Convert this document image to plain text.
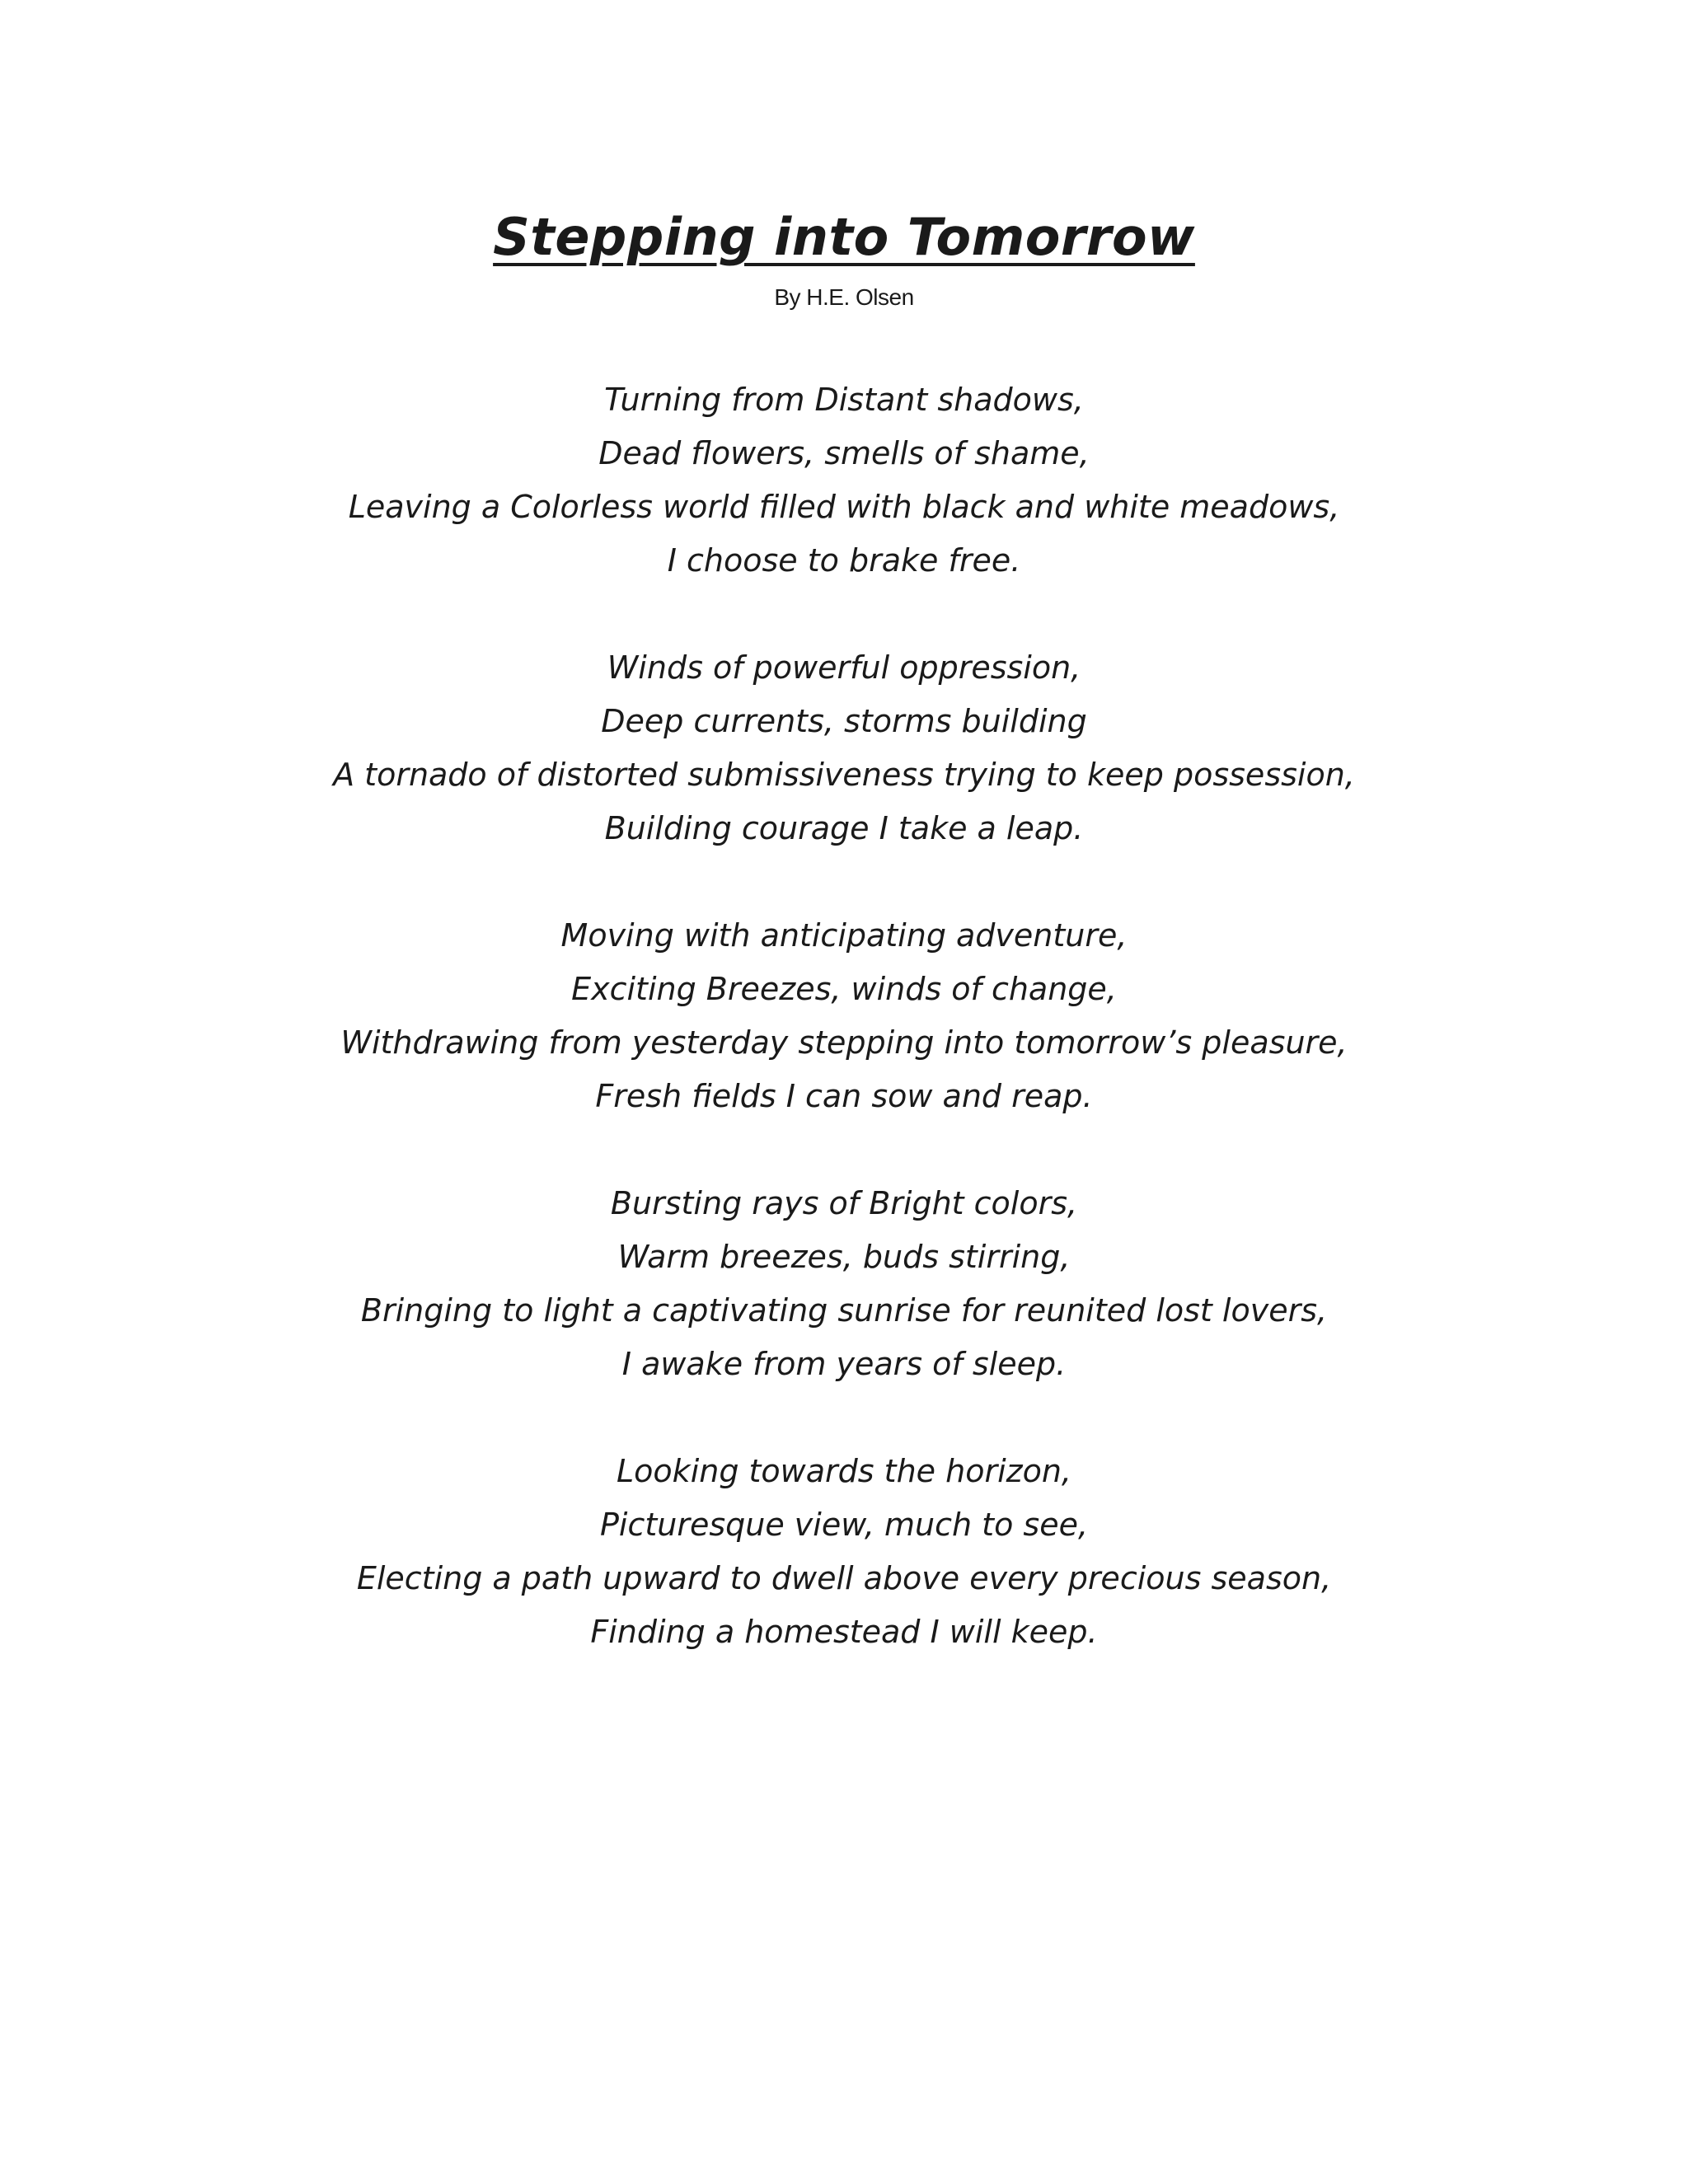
Stepping into Tomorrow
By H.E. Olsen
Turning from Distant shadows,
Dead flowers, smells of shame,
Leaving a Colorless world filled with black and white meadows,
I choose to brake free.
Winds of powerful oppression,
Deep currents, storms building
A tornado of distorted submissiveness trying to keep possession,
Building courage I take a leap.
Moving with anticipating adventure,
Exciting Breezes, winds of change,
Withdrawing from yesterday stepping into tomorrow’s pleasure,
Fresh fields I can sow and reap.
Bursting rays of Bright colors,
Warm breezes, buds stirring,
Bringing to light a captivating sunrise for reunited lost lovers,
I awake from years of sleep.
Looking towards the horizon,
Picturesque view, much to see,
Electing a path upward to dwell above every precious season,
Finding a homestead I will keep.
